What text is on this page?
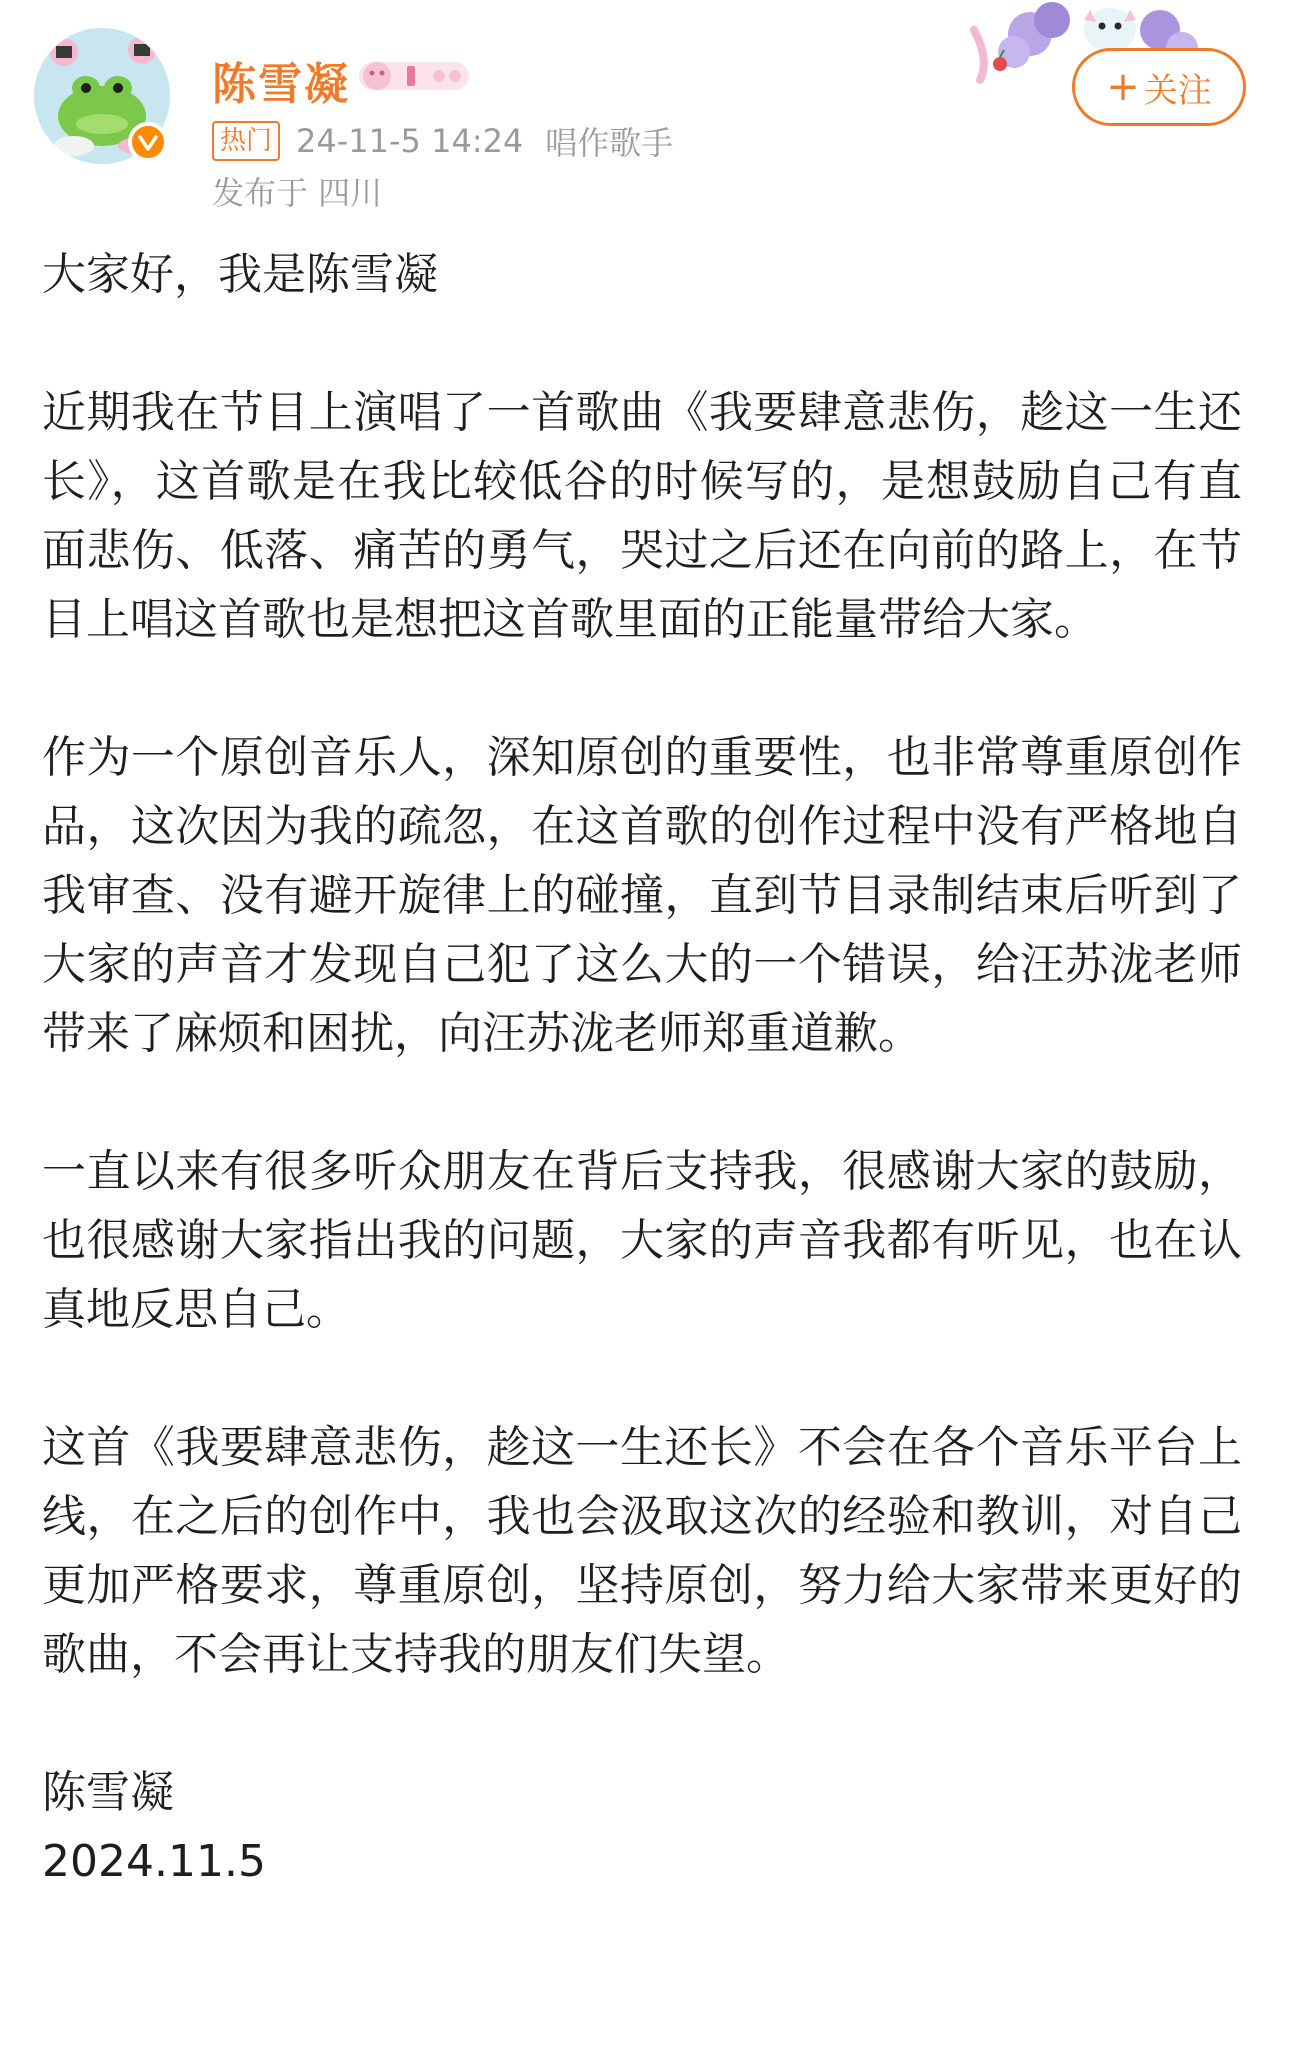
陈雪凝
热门 24-11-5 14:24 唱作歌手
发布于 四川
+ 关注

大家好，我是陈雪凝

近期我在节目上演唱了一首歌曲《我要肆意悲伤，趁这一生还长》，这首歌是在我比较低谷的时候写的，是想鼓励自己有直面悲伤、低落、痛苦的勇气，哭过之后还在向前的路上，在节目上唱这首歌也是想把这首歌里面的正能量带给大家。

作为一个原创音乐人，深知原创的重要性，也非常尊重原创作品，这次因为我的疏忽，在这首歌的创作过程中没有严格地自我审查、没有避开旋律上的碰撞，直到节目录制结束后听到了大家的声音才发现自己犯了这么大的一个错误，给汪苏泷老师带来了麻烦和困扰，向汪苏泷老师郑重道歉。

一直以来有很多听众朋友在背后支持我，很感谢大家的鼓励，也很感谢大家指出我的问题，大家的声音我都有听见，也在认真地反思自己。

这首《我要肆意悲伤，趁这一生还长》不会在各个音乐平台上线，在之后的创作中，我也会汲取这次的经验和教训，对自己更加严格要求，尊重原创，坚持原创，努力给大家带来更好的歌曲，不会再让支持我的朋友们失望。

陈雪凝

2024.11.5
